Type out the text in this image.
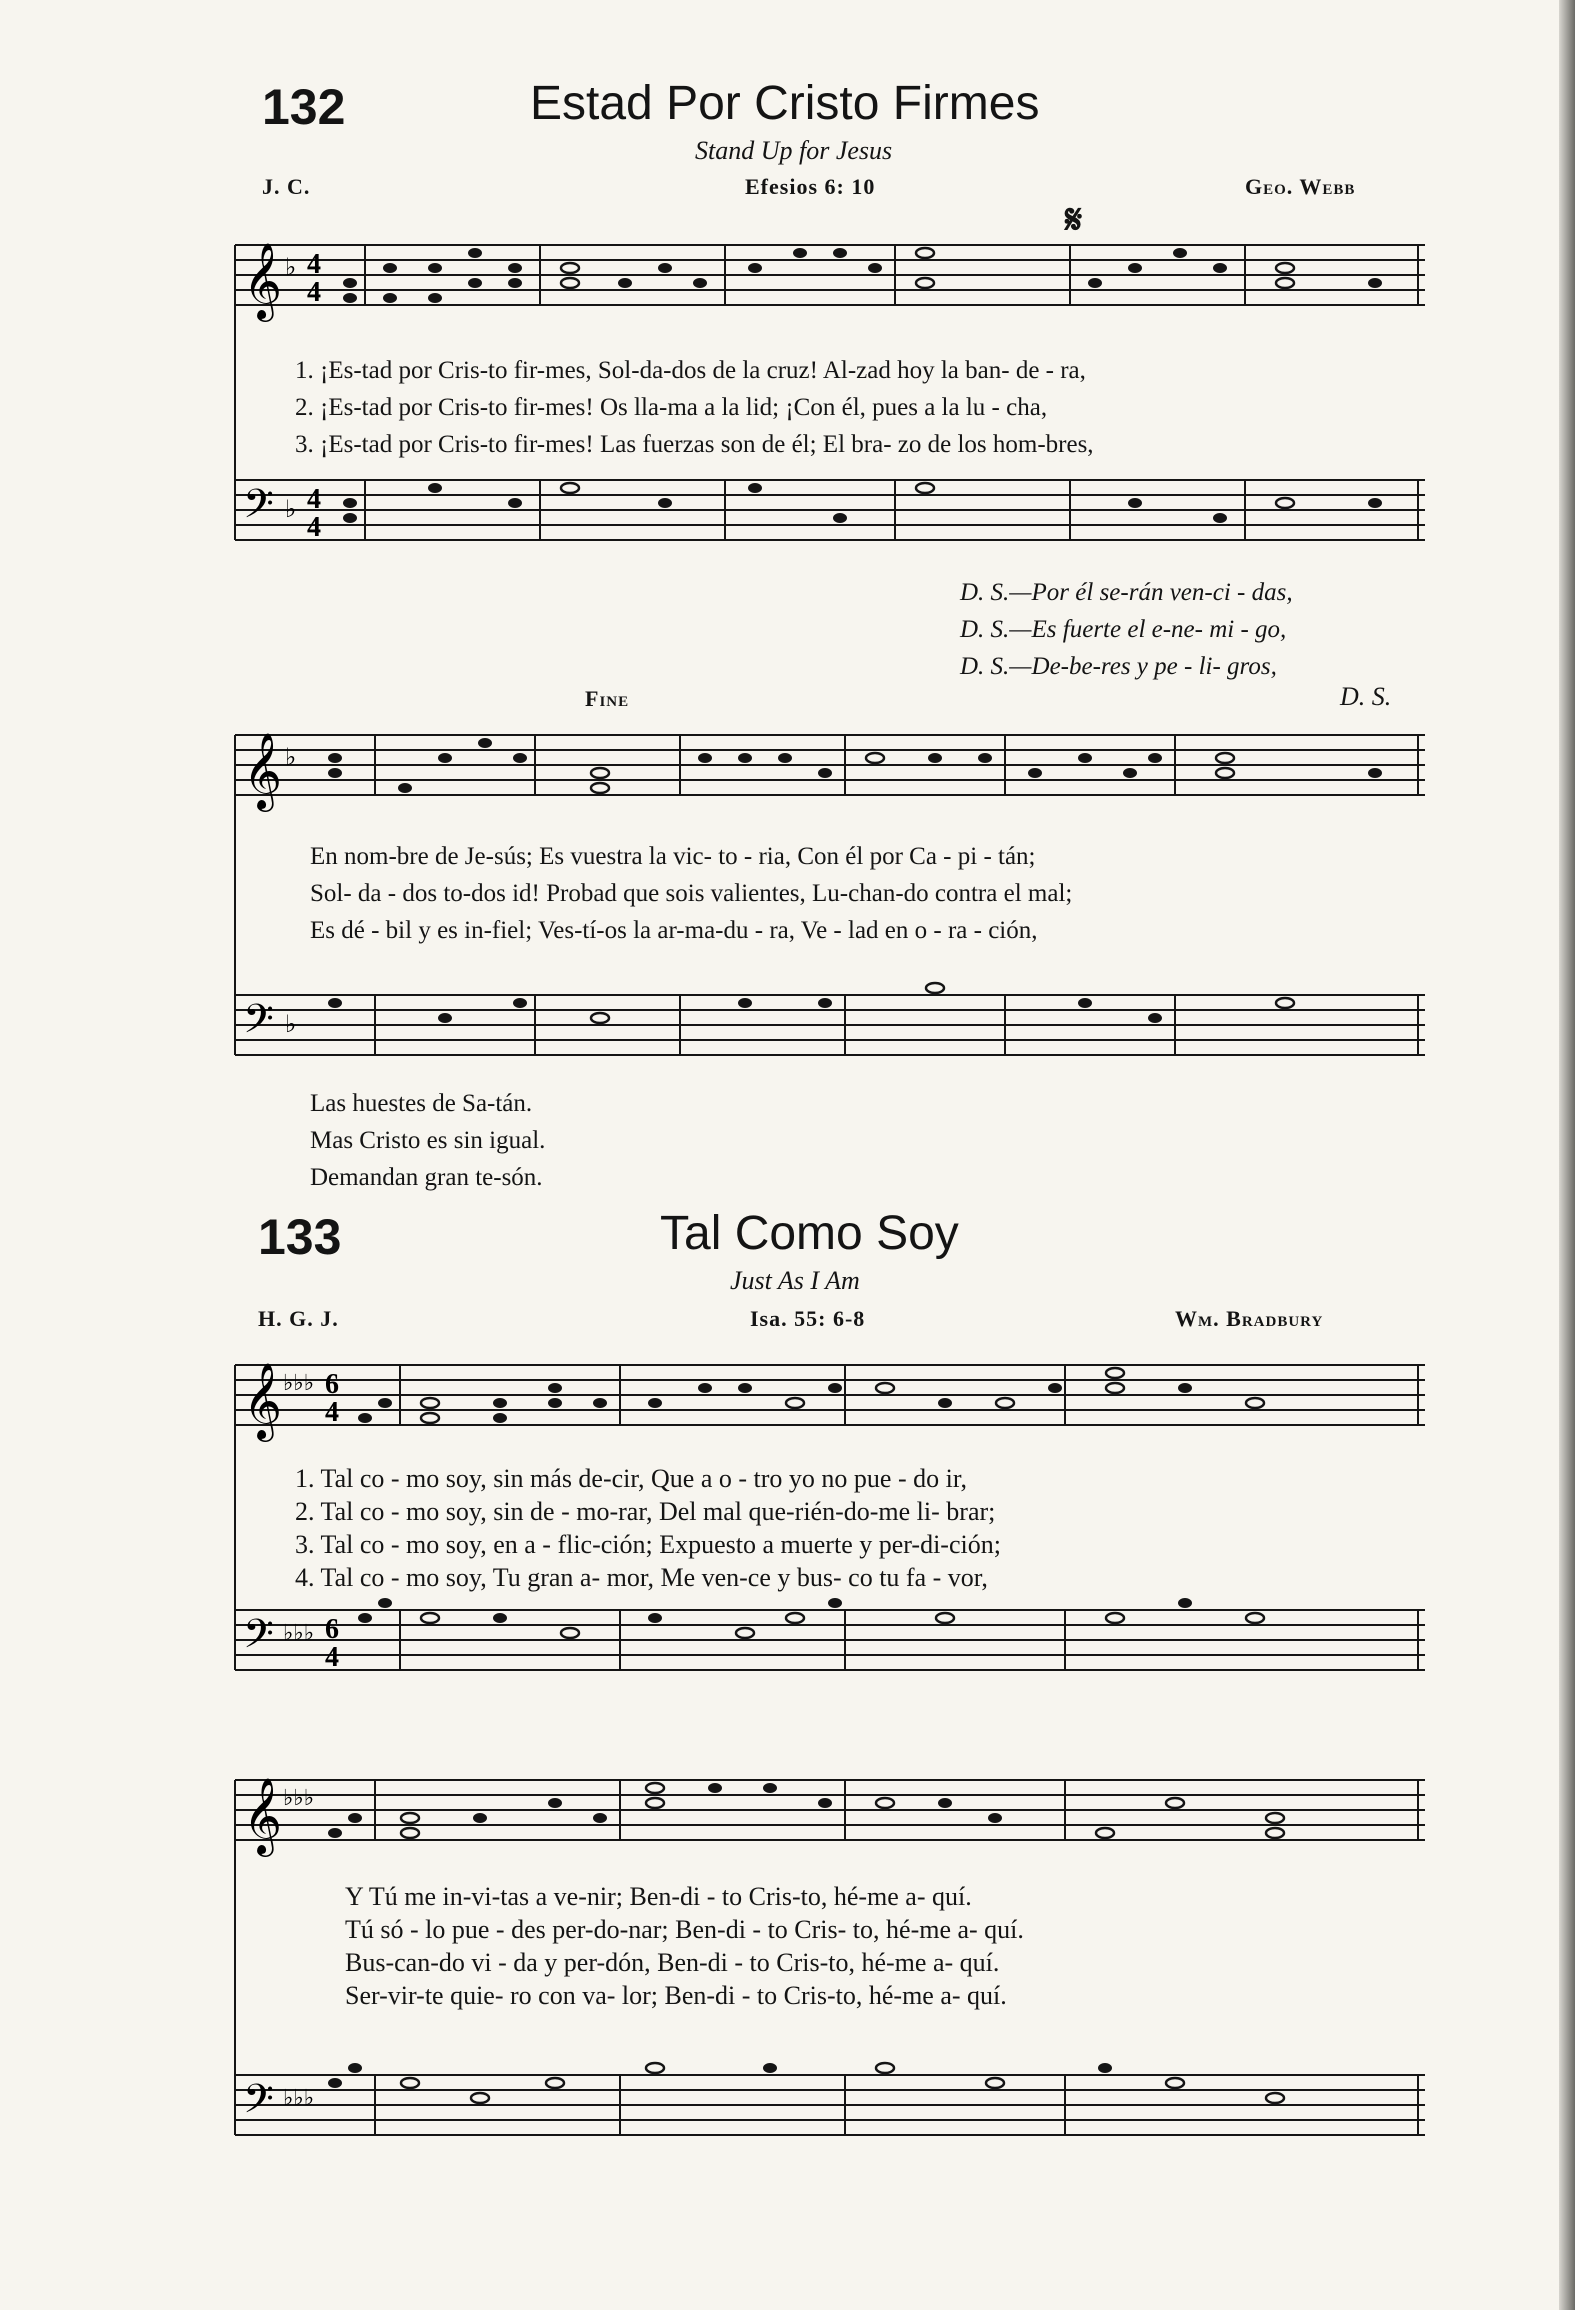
132	Estad Por Cristo Firmes
Stand Up for Jesus
J. C.	Efesios 6: 10	Geo. Webb
𝄋
𝄞
𝄢
♭
♭
4
4
4
4
1. ¡Es-tad por Cris-to fir-mes, Sol-da-dos de la cruz! Al-zad hoy la ban- de - ra,
2. ¡Es-tad por Cris-to fir-mes! Os lla-ma a la lid; ¡Con él, pues a la lu - cha,
3. ¡Es-tad por Cris-to fir-mes! Las fuerzas son de él; El bra- zo de los hom-bres,
D. S.—Por él se-rán ven-ci - das,
D. S.—Es fuerte el e-ne- mi - go,
D. S.—De-be-res y pe - li- gros,
Fine	D. S.
𝄞
𝄢
♭
♭
En nom-bre de Je-sús; Es vuestra la vic- to - ria, Con él por Ca - pi - tán;
Sol- da - dos to-dos id! Probad que sois valientes, Lu-chan-do contra el mal;
Es dé - bil y es in-fiel; Ves-tí-os la ar-ma-du - ra, Ve - lad en o - ra - ción,
Las huestes de Sa-tán.
Mas Cristo es sin igual.
Demandan gran te-són.
133	Tal Como Soy
Just As I Am
H. G. J.	Isa. 55: 6-8	Wm. Bradbury
𝄞
𝄢
♭♭♭
♭♭♭
6
4
6
4
1. Tal co - mo soy, sin más de-cir, Que a o - tro yo no pue - do ir,
2. Tal co - mo soy, sin de - mo-rar, Del mal que-rién-do-me li- brar;
3. Tal co - mo soy, en a - flic-ción; Expuesto a muerte y per-di-ción;
4. Tal co - mo soy, Tu gran a- mor, Me ven-ce y bus- co tu fa - vor,
𝄞
𝄢
♭♭♭
♭♭♭
Y Tú me in-vi-tas a ve-nir; Ben-di - to Cris-to, hé-me a- quí.
Tú só - lo pue - des per-do-nar; Ben-di - to Cris- to, hé-me a- quí.
Bus-can-do vi - da y per-dón, Ben-di - to Cris-to, hé-me a- quí.
Ser-vir-te quie- ro con va- lor; Ben-di - to Cris-to, hé-me a- quí.
